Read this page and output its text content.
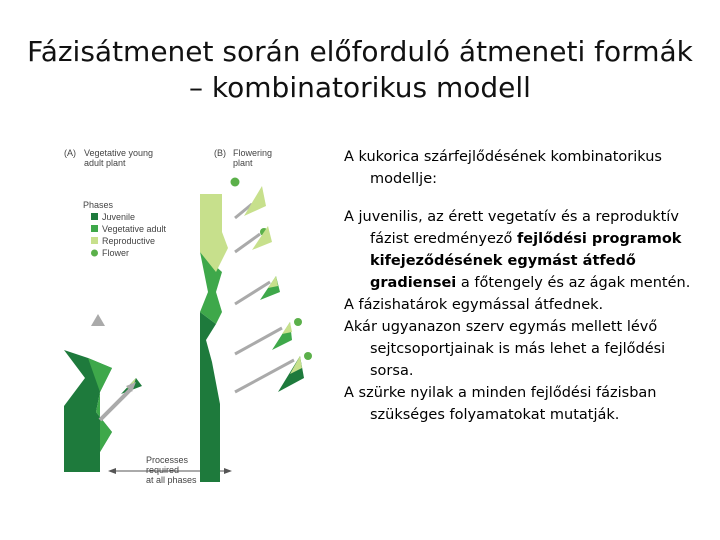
Fázisátmenet során előforduló átmeneti formák – kombinatorikus modell
(A) Vegetative young
adult plant
(B) Flowering
plant
Phases
Juvenile
Vegetative adult
Reproductive
Flower
Processes
required
at all phases

A kukorica szárfejlődésének kombinatorikus modellje:

A juvenilis, az érett vegetatív és a reproduktív fázist eredményező fejlődési programok kifejeződésének egymást átfedő gradiensei a főtengely és az ágak mentén.

A fázishatárok egymással átfednek.

Akár ugyanazon szerv egymás mellett lévő sejtcsoportjainak is más lehet a fejlődési sorsa.

A szürke nyilak a minden fejlődési fázisban szükséges folyamatokat mutatják.
